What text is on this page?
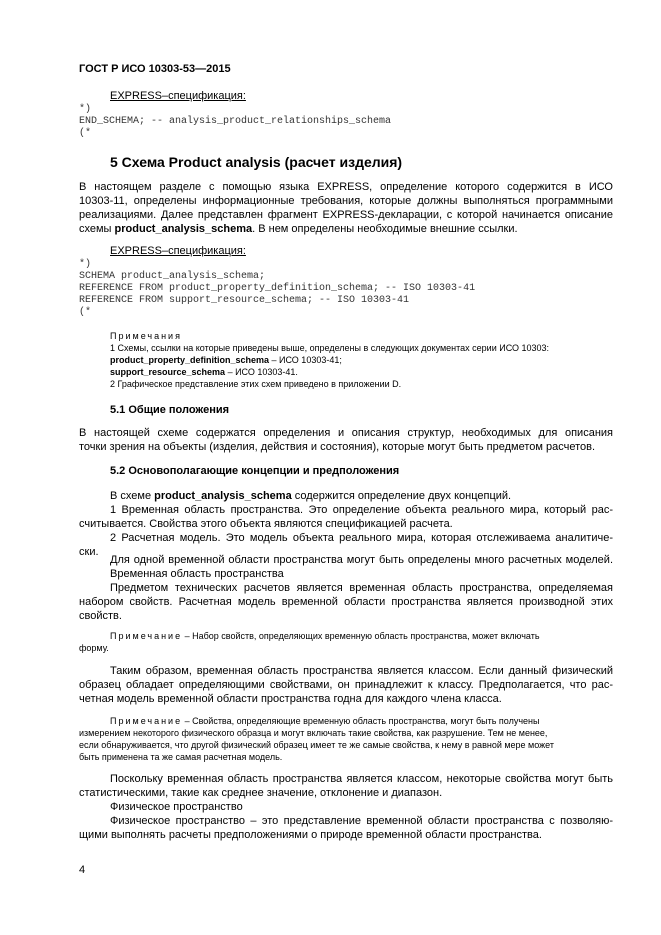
ГОСТ Р ИСО 10303-53—2015
EXPRESS–спецификация:
*)
END_SCHEMA; -- analysis_product_relationships_schema
(*
5 Схема Product analysis (расчет изделия)
В настоящем разделе с помощью языка EXPRESS, определение которого содержится в ИСО
10303-11, определены информационные требования, которые должны выполняться программными
реализациями. Далее представлен фрагмент EXPRESS-декларации, с которой начинается описание
схемы product_analysis_schema. В нем определены необходимые внешние ссылки.
EXPRESS–спецификация:
*)
SCHEMA product_analysis_schema;
REFERENCE FROM product_property_definition_schema; -- ISO 10303-41
REFERENCE FROM support_resource_schema; -- ISO 10303-41
(*
Примечания
1 Схемы, ссылки на которые приведены выше, определены в следующих документах серии ИСО 10303:
product_property_definition_schema – ИСО 10303-41;
support_resource_schema – ИСО 10303-41.
2 Графическое представление этих схем приведено в приложении D.
5.1 Общие положения
В настоящей схеме содержатся определения и описания структур, необходимых для описания
точки зрения на объекты (изделия, действия и состояния), которые могут быть предметом расчетов.
5.2 Основополагающие концепции и предположения
В схеме product_analysis_schema содержится определение двух концепций.
1 Временная область пространства. Это определение объекта реального мира, который рас-
считывается. Свойства этого объекта являются спецификацией расчета.
2 Расчетная модель. Это модель объекта реального мира, которая отслеживаема аналитиче-
ски.
Для одной временной области пространства могут быть определены много расчетных моделей.
Временная область пространства
Предметом технических расчетов является временная область пространства, определяемая
набором свойств. Расчетная модель временной области пространства является производной этих
свойств.
Примечание – Набор свойств, определяющих временную область пространства, может включать
форму.
Таким образом, временная область пространства является классом. Если данный физический
образец обладает определяющими свойствами, он принадлежит к классу. Предполагается, что рас-
четная модель временной области пространства годна для каждого члена класса.
Примечание – Свойства, определяющие временную область пространства, могут быть получены
измерением некоторого физического образца и могут включать такие свойства, как разрушение. Тем не менее,
если обнаруживается, что другой физический образец имеет те же самые свойства, к нему в равной мере может
быть применена та же самая расчетная модель.
Поскольку временная область пространства является классом, некоторые свойства могут быть
статистическими, такие как среднее значение, отклонение и диапазон.
Физическое пространство
Физическое пространство – это представление временной области пространства с позволяю-
щими выполнять расчеты предположениями о природе временной области пространства.
4
